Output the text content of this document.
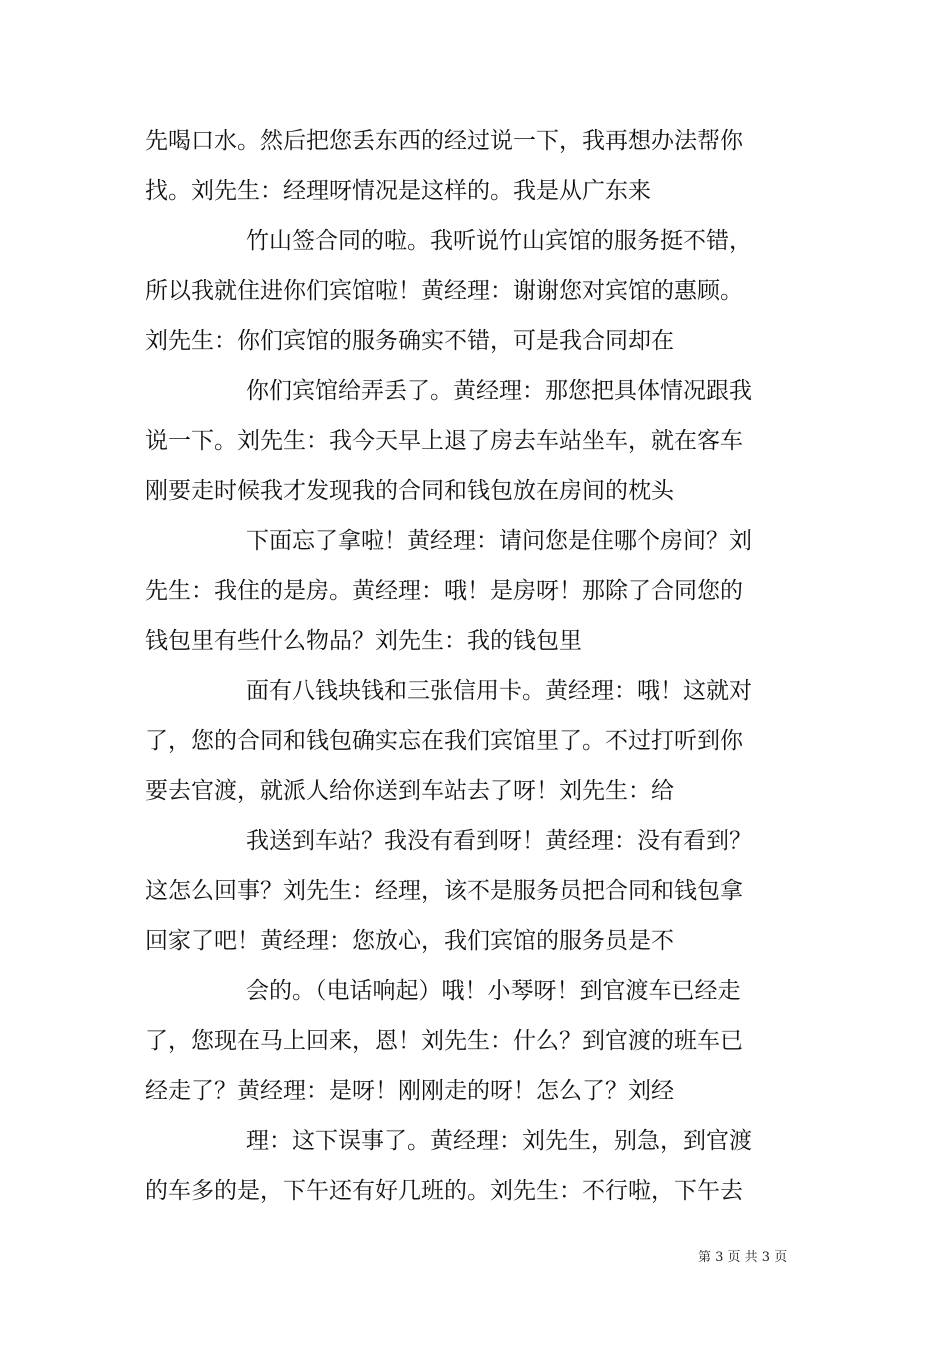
先喝口水。然后把您丢东西的经过说一下，我再想办法帮你
找。刘先生：经理呀情况是这样的。我是从广东来
竹山签合同的啦。我听说竹山宾馆的服务挺不错，
所以我就住进你们宾馆啦！黄经理：谢谢您对宾馆的惠顾。
刘先生：你们宾馆的服务确实不错，可是我合同却在
你们宾馆给弄丢了。黄经理：那您把具体情况跟我
说一下。刘先生：我今天早上退了房去车站坐车，就在客车
刚要走时候我才发现我的合同和钱包放在房间的枕头
下面忘了拿啦！黄经理：请问您是住哪个房间？刘
先生：我住的是房。黄经理：哦！是房呀！那除了合同您的
钱包里有些什么物品？刘先生：我的钱包里
面有八钱块钱和三张信用卡。黄经理：哦！这就对
了，您的合同和钱包确实忘在我们宾馆里了。不过打听到你
要去官渡，就派人给你送到车站去了呀！刘先生：给
我送到车站？我没有看到呀！黄经理：没有看到？
这怎么回事？刘先生：经理，该不是服务员把合同和钱包拿
回家了吧！黄经理：您放心，我们宾馆的服务员是不
会的。（电话响起）哦！小琴呀！到官渡车已经走
了，您现在马上回来，恩！刘先生：什么？到官渡的班车已
经走了？黄经理：是呀！刚刚走的呀！怎么了？刘经
理：这下误事了。黄经理：刘先生，别急，到官渡
的车多的是，下午还有好几班的。刘先生：不行啦，下午去
第 3 页 共 3 页
